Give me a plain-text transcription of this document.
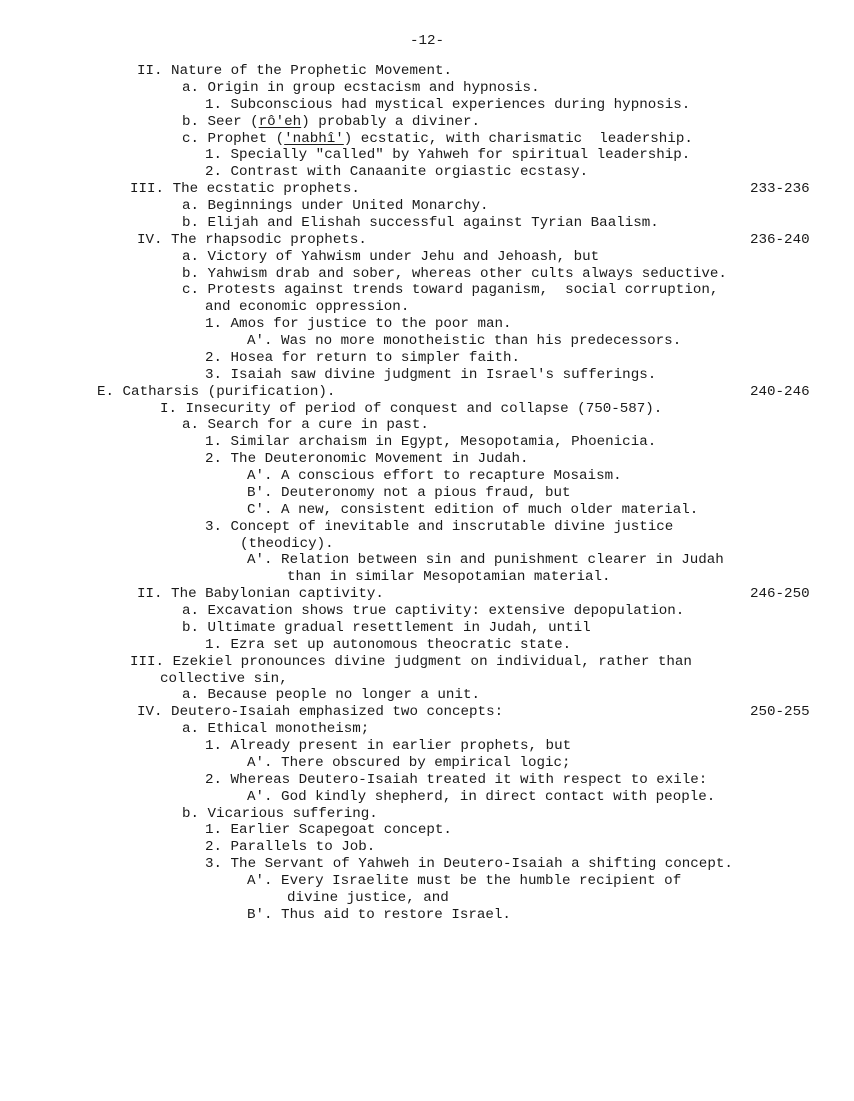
-12-
II. Nature of the Prophetic Movement.
a. Origin in group ecstacism and hypnosis.
1. Subconscious had mystical experiences during hypnosis.
b. Seer (rô'eh) probably a diviner.
c. Prophet ('nabhî') ecstatic, with charismatic  leadership.
1. Specially "called" by Yahweh for spiritual leadership.
2. Contrast with Canaanite orgiastic ecstasy.
III. The ecstatic prophets.	233-236
a. Beginnings under United Monarchy.
b. Elijah and Elishah successful against Tyrian Baalism.
IV. The rhapsodic prophets.	236-240
a. Victory of Yahwism under Jehu and Jehoash, but
b. Yahwism drab and sober, whereas other cults always seductive.
c. Protests against trends toward paganism,  social corruption,
and economic oppression.
1. Amos for justice to the poor man.
A'. Was no more monotheistic than his predecessors.
2. Hosea for return to simpler faith.
3. Isaiah saw divine judgment in Israel's sufferings.
E. Catharsis (purification).	240-246
I. Insecurity of period of conquest and collapse (750-587).
a. Search for a cure in past.
1. Similar archaism in Egypt, Mesopotamia, Phoenicia.
2. The Deuteronomic Movement in Judah.
A'. A conscious effort to recapture Mosaism.
B'. Deuteronomy not a pious fraud, but
C'. A new, consistent edition of much older material.
3. Concept of inevitable and inscrutable divine justice
(theodicy).
A'. Relation between sin and punishment clearer in Judah
than in similar Mesopotamian material.
II. The Babylonian captivity.	246-250
a. Excavation shows true captivity: extensive depopulation.
b. Ultimate gradual resettlement in Judah, until
1. Ezra set up autonomous theocratic state.
III. Ezekiel pronounces divine judgment on individual, rather than
collective sin,
a. Because people no longer a unit.
IV. Deutero-Isaiah emphasized two concepts:	250-255
a. Ethical monotheism;
1. Already present in earlier prophets, but
A'. There obscured by empirical logic;
2. Whereas Deutero-Isaiah treated it with respect to exile:
A'. God kindly shepherd, in direct contact with people.
b. Vicarious suffering.
1. Earlier Scapegoat concept.
2. Parallels to Job.
3. The Servant of Yahweh in Deutero-Isaiah a shifting concept.
A'. Every Israelite must be the humble recipient of
divine justice, and
B'. Thus aid to restore Israel.
